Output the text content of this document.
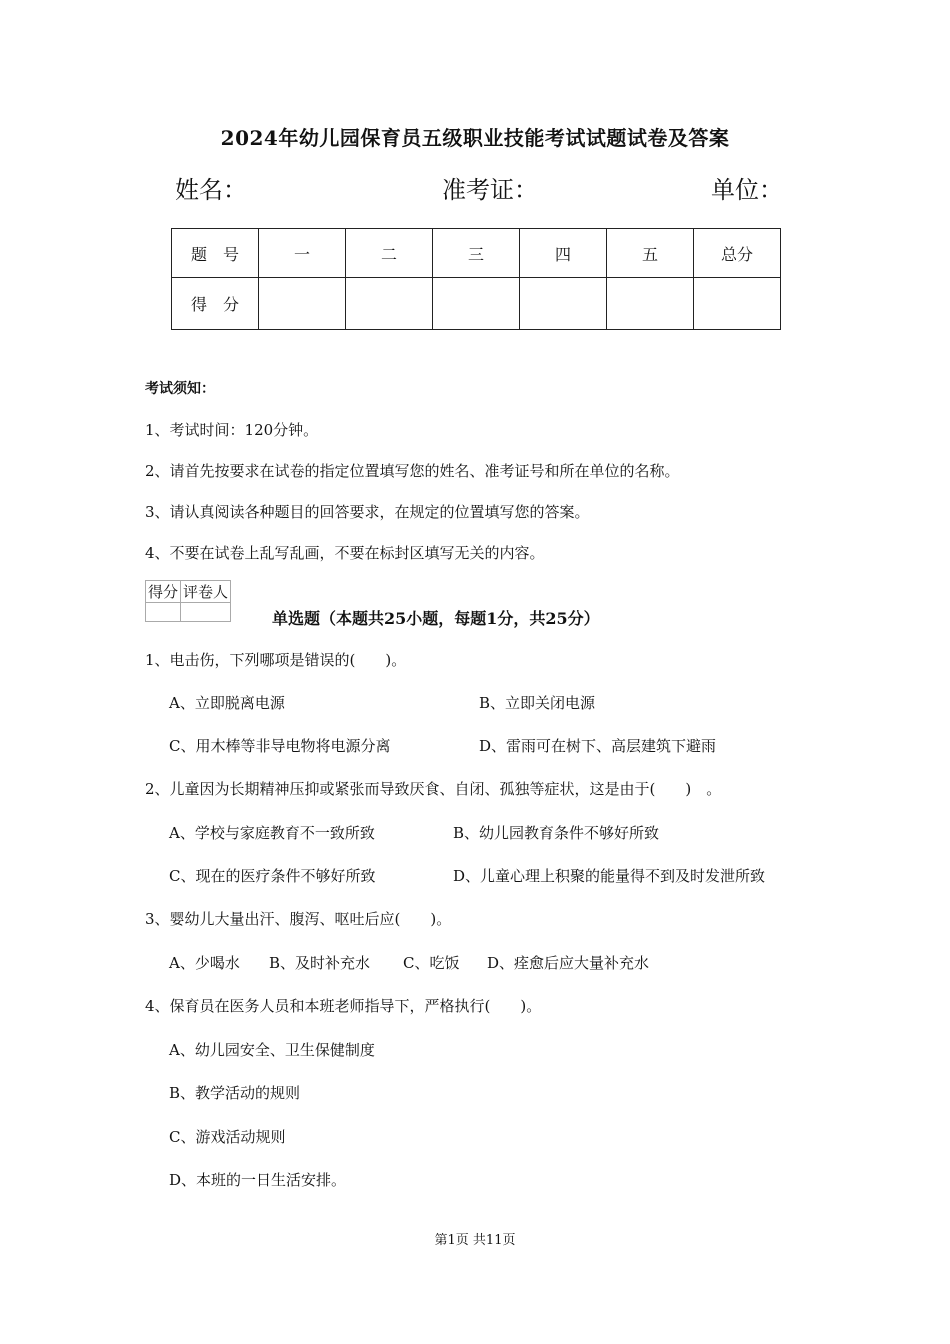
2024年幼儿园保育员五级职业技能考试试题试卷及答案
姓名：	准考证：	单位：
题　号	一	二	三	四	五	总分
得　分						
考试须知：
1、考试时间：120分钟。
2、请首先按要求在试卷的指定位置填写您的姓名、准考证号和所在单位的名称。
3、请认真阅读各种题目的回答要求，在规定的位置填写您的答案。
4、不要在试卷上乱写乱画，不要在标封区填写无关的内容。
得分	评卷人

单选题（本题共25小题，每题1分，共25分）
1、电击伤，下列哪项是错误的(　　)。
A、立即脱离电源	B、立即关闭电源
C、用木棒等非导电物将电源分离	D、雷雨可在树下、高层建筑下避雨
2、儿童因为长期精神压抑或紧张而导致厌食、自闭、孤独等症状，这是由于(　　)　。
A、学校与家庭教育不一致所致	B、幼儿园教育条件不够好所致
C、现在的医疗条件不够好所致	D、儿童心理上积聚的能量得不到及时发泄所致
3、婴幼儿大量出汗、腹泻、呕吐后应(　　)。
A、少喝水 B、及时补充水 C、吃饭 D、痊愈后应大量补充水
4、保育员在医务人员和本班老师指导下，严格执行(　　)。
A、幼儿园安全、卫生保健制度
B、教学活动的规则
C、游戏活动规则
D、本班的一日生活安排。
第1页 共11页
